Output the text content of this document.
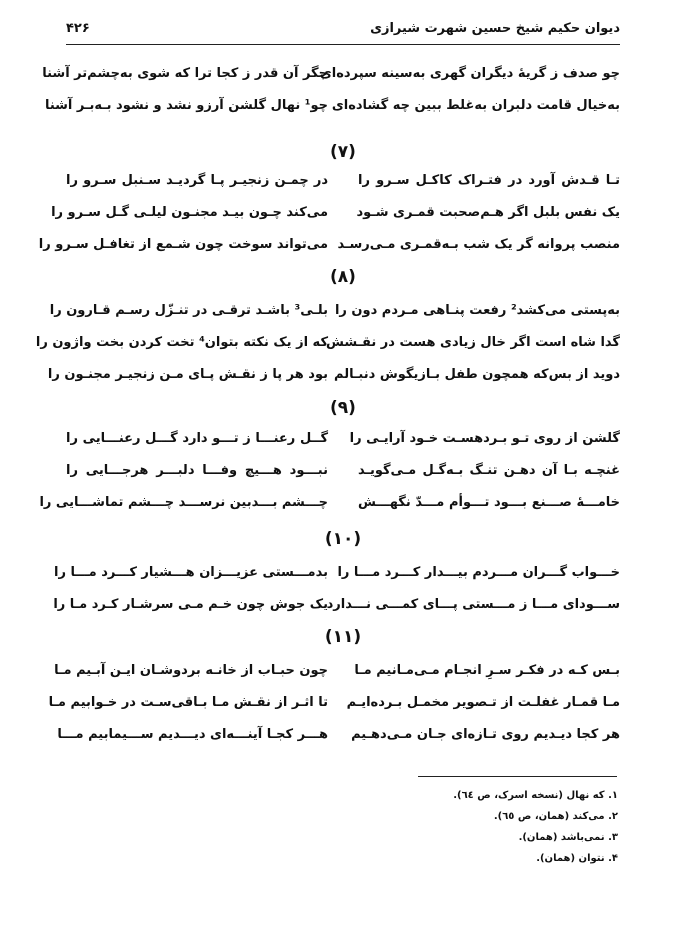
دیوان حکیم شیخ حسین شهرت شیرازی
۴۲۶
چو صدف ز گریهٔ دیگران گهری به‌سینه سپرده‌ای
جگر آن قدر ز کجا ترا که شوی به‌چشم‌تر آشنا
به‌خیال قامت دلبران به‌غلط ببین چه گشاده‌ای
چو¹ نهال گلشن آرزو نشد و نشود بـه‌بـر آشنا
(۷)
تـا قـدش آورد در فتـراک کاکـل سـرو را
در چمـن زنجیـر پـا گردیـد سـنبل سـرو را
یک نفس بلبل اگر هـم‌صحبت قمـری شـود
می‌کند چـون بیـد مجنـون لیلـی گـل سـرو را
منصب پروانه گر یک شب بـه‌قمـری مـی‌رسـد
می‌تواند سوخت چون شـمع از تغافـل سـرو را
(۸)
به‌پستی می‌کشد² رفعت پنـاهی مـردم دون را
بلـی³ باشـد ترقـی در تنـزّل رسـم قـارون را
گدا شاه است اگر خال زیادی هست در نقـشش
که از یک نکته بتوان⁴ تخت کردن بخت واژون را
دوید از بس‌که همچون طفل بـازیگوش دنبـالم
بود هر پا ز نقـش پـای مـن زنجیـر مجنـون را
(۹)
گلشن از روی تـو بـردهسـت خـود آرایـی را
گــل رعنـــا ز تـــو دارد گـــل رعنـــایی را
غنچـه بـا آن دهـن تنـگ بـه‌گـل مـی‌گویـد
نبـــود هـــیچ وفـــا دلبـــر هرجـــایی را
خامـــهٔ صـــنع بـــود تـــوأم مـــدّ نگهـــش
چـــشم بـــدبین نرســـد چـــشم تماشـــایی را
(۱۰)
خـــواب گـــران مـــردم بیـــدار کـــرد مـــا را
بدمـــستی عزیـــزان هـــشیار کـــرد مـــا را
ســـودای مـــا ز مـــستی پـــای کمـــی نـــدارد
یک جوش چون خـم مـی سرشـار کـرد مـا را
(۱۱)
بـس کـه در فکـر سـرِ انجـام مـی‌مـانیم مـا
چون حبـاب از خانـه بردوشـان ایـن آبـیم مـا
مـا قمـار غفلـت از تـصویر مخمـل بـرده‌ایـم
تا اثـر از نقـش مـا بـاقی‌سـت در خـوابیم مـا
هر کجا دیـدیم روی تـازه‌ای جـان مـی‌دهـیم
هـــر کجـا آینـــه‌ای دیـــدیم ســـیمابیم مـــا
۱. که نهال (نسخه اسرک، ص ٦٤).
۲. می‌کند (همان، ص ٦٥).
۳. نمی‌باشد (همان).
۴. نتوان (همان).
